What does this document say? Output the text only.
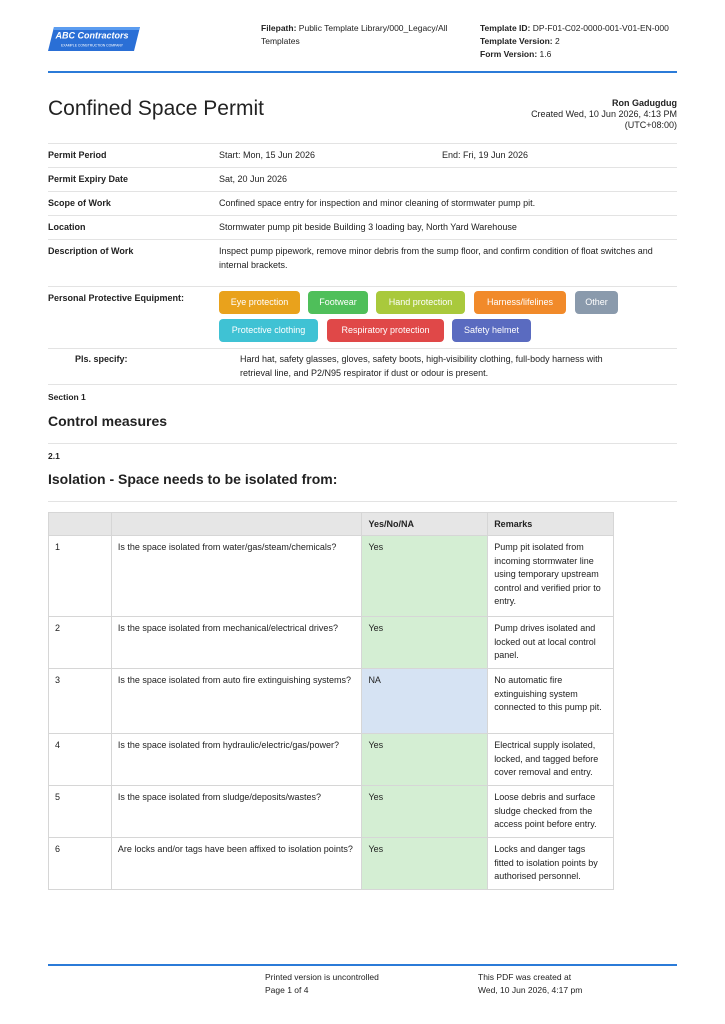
ABC Contractors
EXAMPLE CONSTRUCTION COMPANY
Filepath: Public Template Library/000_Legacy/All Templates
Template ID: DP-F01-C02-0000-001-V01-EN-000
Template Version: 2
Form Version: 1.6
Confined Space Permit	Ron Gadugdug
Created Wed, 10 Jun 2026, 4:13 PM
(UTC+08:00)
Permit Period	Start: Mon, 15 Jun 2026	End: Fri, 19 Jun 2026
Permit Expiry Date	Sat, 20 Jun 2026
Scope of Work	Confined space entry for inspection and minor cleaning of stormwater pump pit.
Location	Stormwater pump pit beside Building 3 loading bay, North Yard Warehouse
Description of Work	Inspect pump pipework, remove minor debris from the sump floor, and confirm condition of float switches and internal brackets.
Personal Protective Equipment:	Eye protection	Footwear	Hand protection	Harness/lifelines	Other
Protective clothing	Respiratory protection	Safety helmet
Pls. specify:	Hard hat, safety glasses, gloves, safety boots, high-visibility clothing, full-body harness with retrieval line, and P2/N95 respirator if dust or odour is present.
Section 1
Control measures
2.1
Isolation - Space needs to be isolated from:
		Yes/No/NA	Remarks
1	Is the space isolated from water/gas/steam/chemicals?	Yes	Pump pit isolated from incoming stormwater line using temporary upstream control and verified prior to entry.
2	Is the space isolated from mechanical/electrical drives?	Yes	Pump drives isolated and locked out at local control panel.
3	Is the space isolated from auto fire extinguishing systems?	NA	No automatic fire extinguishing system connected to this pump pit.
4	Is the space isolated from hydraulic/electric/gas/power?	Yes	Electrical supply isolated, locked, and tagged before cover removal and entry.
5	Is the space isolated from sludge/deposits/wastes?	Yes	Loose debris and surface sludge checked from the access point before entry.
6	Are locks and/or tags have been affixed to isolation points?	Yes	Locks and danger tags fitted to isolation points by authorised personnel.
Printed version is uncontrolled
Page 1 of 4
This PDF was created at
Wed, 10 Jun 2026, 4:17 pm
